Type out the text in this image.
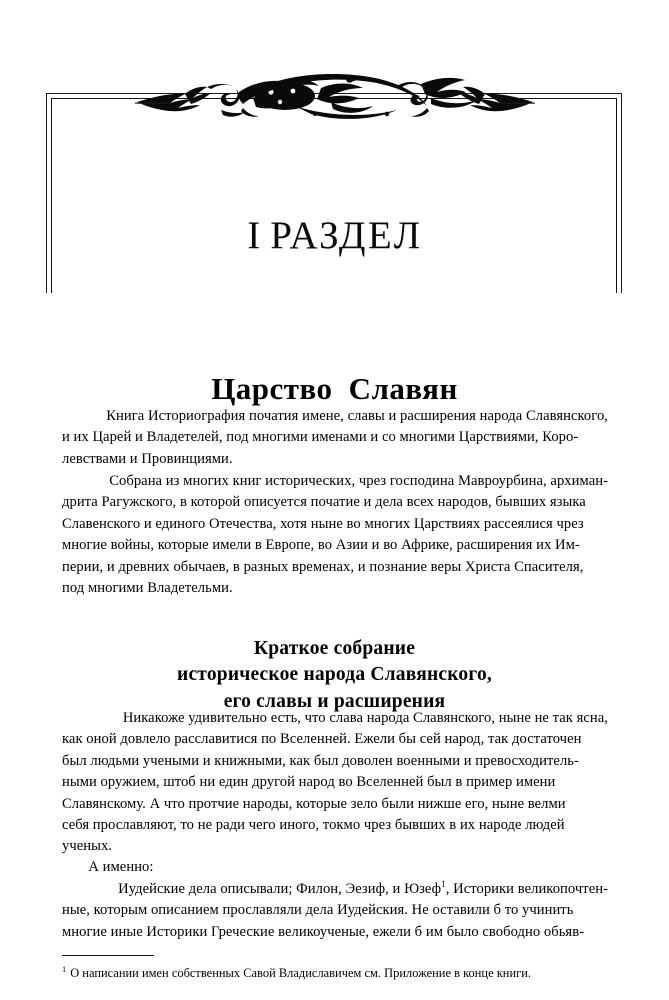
IРАЗДЕЛ
Царство Славян
Книга Историография початия имене, славы и расширения народа Славянского,
и их Царей и Владетелей, под многими именами и со многими Царствиями, Коро-
левствами и Провинциями.
Собрана из многих книг исторических, чрез господина Мавроурбина, архиман-
дрита Рагужского, в которой описуется початие и дела всех народов, бывших языка
Славенского и единого Отечества, хотя ныне во многих Царствиях рассеялися чрез
многие войны, которые имели в Европе, во Азии и во Африке, расширения их Им-
перии, и древних обычаев, в разных временах, и познание веры Христа Спасителя,
под многими Владетельми.
Краткое собрание
историческое народа Славянского,
его славы и расширения
Никакоже удивительно есть, что слава народа Славянского, ныне не так ясна,
как оной довлело расславитися по Вселенней. Ежели бы сей народ, так достаточен
был людьми учеными и книжными, как был доволен военными и превосходитель-
ными оружием, штоб ни един другой народ во Вселенней был в пример имени
Славянскому. А что протчие народы, которые зело были нижше его, ныне велми
себя прославляют, то не ради чего иного, токмо чрез бывших в их народе людей
ученых.
А именно:
Иудейские дела описывали; Филон, Эезиф, и Юзеф$^1$, Историки великопочтен-
ные, которым описанием прославляли дела Иудейския. Не оставили б то учинить
многие иные Историки Греческие великоученые, ежели б им было свободно обьяв-
$^1$ О написании имен собственных Савой Владиславичем см. Приложение в конце книги.
